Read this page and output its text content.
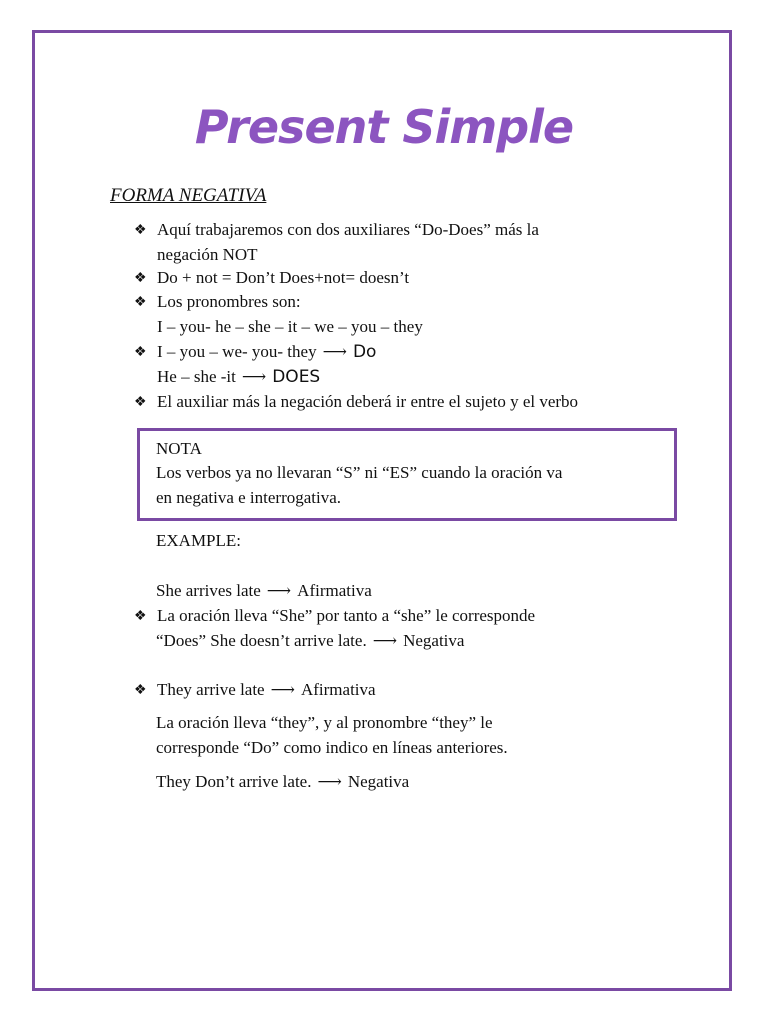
Present Simple
FORMA NEGATIVA
❖ Aquí trabajaremos con dos auxiliares “Do-Does” más la
negación NOT
❖ Do + not = Don’t Does+not= doesn’t
❖ Los pronombres son:
I – you- he – she – it – we – you – they
❖ I – you – we- you- they ⟶ Do
He – she -it ⟶ DOES
❖ El auxiliar más la negación deberá ir entre el sujeto y el verbo
NOTA
Los verbos ya no llevaran “S” ni “ES” cuando la oración va
en negativa e interrogativa.
EXAMPLE:
She arrives late ⟶ Afirmativa
❖ La oración lleva “She” por tanto a “she” le corresponde
“Does” She doesn’t arrive late. ⟶ Negativa
❖ They arrive late ⟶ Afirmativa
La oración lleva “they”, y al pronombre “they” le
corresponde “Do” como indico en líneas anteriores.
They Don’t arrive late. ⟶ Negativa
